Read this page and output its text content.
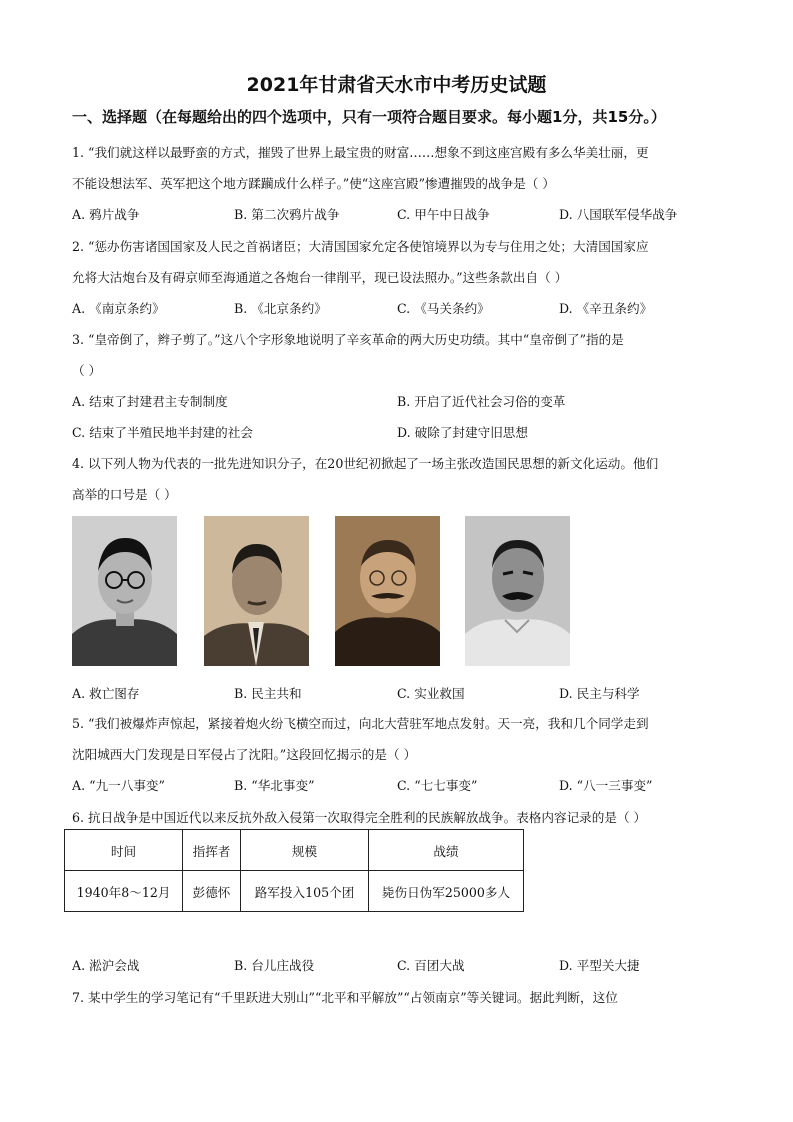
2021年甘肃省天水市中考历史试题
一、选择题（在每题给出的四个选项中，只有一项符合题目要求。每小题1分，共15分。）
1. “我们就这样以最野蛮的方式，摧毁了世界上最宝贵的财富……想象不到这座宫殿有多么华美壮丽，更
不能设想法军、英军把这个地方蹂躏成什么样子。”使“这座宫殿”惨遭摧毁的战争是（ ）
A. 鸦片战争	B. 第二次鸦片战争	C. 甲午中日战争	D. 八国联军侵华战争
2. “惩办伤害诸国国家及人民之首祸诸臣；大清国国家允定各使馆境界以为专与住用之处；大清国国家应
允将大沽炮台及有碍京师至海通道之各炮台一律削平，现已设法照办。”这些条款出自（ ）
A. 《南京条约》	B. 《北京条约》	C. 《马关条约》	D. 《辛丑条约》
3. “皇帝倒了，辫子剪了。”这八个字形象地说明了辛亥革命的两大历史功绩。其中“皇帝倒了”指的是
（ ）
A. 结束了封建君主专制制度	B. 开启了近代社会习俗的变革
C. 结束了半殖民地半封建的社会	D. 破除了封建守旧思想
4. 以下列人物为代表的一批先进知识分子，在20世纪初掀起了一场主张改造国民思想的新文化运动。他们
高举的口号是（ ）
A. 救亡图存	B. 民主共和	C. 实业救国	D. 民主与科学
5. “我们被爆炸声惊起，紧接着炮火纷飞横空而过，向北大营驻军地点发射。天一亮，我和几个同学走到
沈阳城西大门发现是日军侵占了沈阳。”这段回忆揭示的是（ ）
A. “九一八事变”	B. “华北事变”	C. “七七事变”	D. “八一三事变”
6. 抗日战争是中国近代以来反抗外敌入侵第一次取得完全胜利的民族解放战争。表格内容记录的是（ ）
时间	指挥者	规模	战绩
1940年8～12月	彭德怀	路军投入105个团	毙伤日伪军25000多人
A. 淞沪会战	B. 台儿庄战役	C. 百团大战	D. 平型关大捷
7. 某中学生的学习笔记有“千里跃进大别山”“北平和平解放”“占领南京”等关键词。据此判断，这位
